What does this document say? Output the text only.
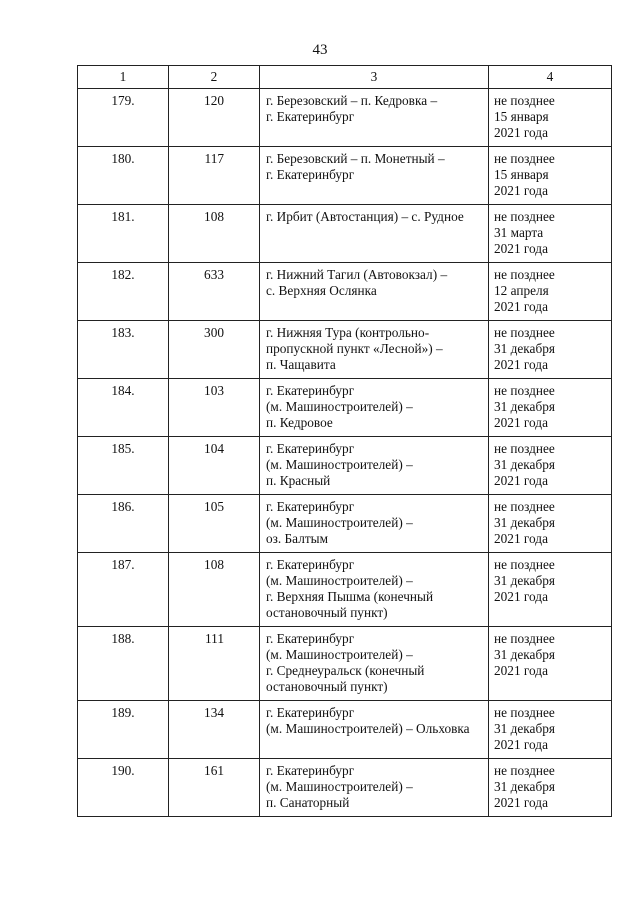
43
1	2	3	4
179.	120	г. Березовский – п. Кедровка –
г. Екатеринбург	не позднее
15 января
2021 года

180.	117	г. Березовский – п. Монетный –
г. Екатеринбург	не позднее
15 января
2021 года

181.	108	г. Ирбит (Автостанция) – с. Рудное	не позднее
31 марта
2021 года

182.	633	г. Нижний Тагил (Автовокзал) –
с. Верхняя Ослянка	не позднее
12 апреля
2021 года

183.	300	г. Нижняя Тура (контрольно-
пропускной пункт «Лесной») –
п. Чащавита	не позднее
31 декабря
2021 года

184.	103	г. Екатеринбург
(м. Машиностроителей) –
п. Кедровое	не позднее
31 декабря
2021 года

185.	104	г. Екатеринбург
(м. Машиностроителей) –
п. Красный	не позднее
31 декабря
2021 года

186.	105	г. Екатеринбург
(м. Машиностроителей) –
оз. Балтым	не позднее
31 декабря
2021 года

187.	108	г. Екатеринбург
(м. Машиностроителей) –
г. Верхняя Пышма (конечный
остановочный пункт)	не позднее
31 декабря
2021 года

188.	111	г. Екатеринбург
(м. Машиностроителей) –
г. Среднеуральск (конечный
остановочный пункт)	не позднее
31 декабря
2021 года

189.	134	г. Екатеринбург
(м. Машиностроителей) – Ольховка	не позднее
31 декабря
2021 года

190.	161	г. Екатеринбург
(м. Машиностроителей) –
п. Санаторный	не позднее
31 декабря
2021 года
